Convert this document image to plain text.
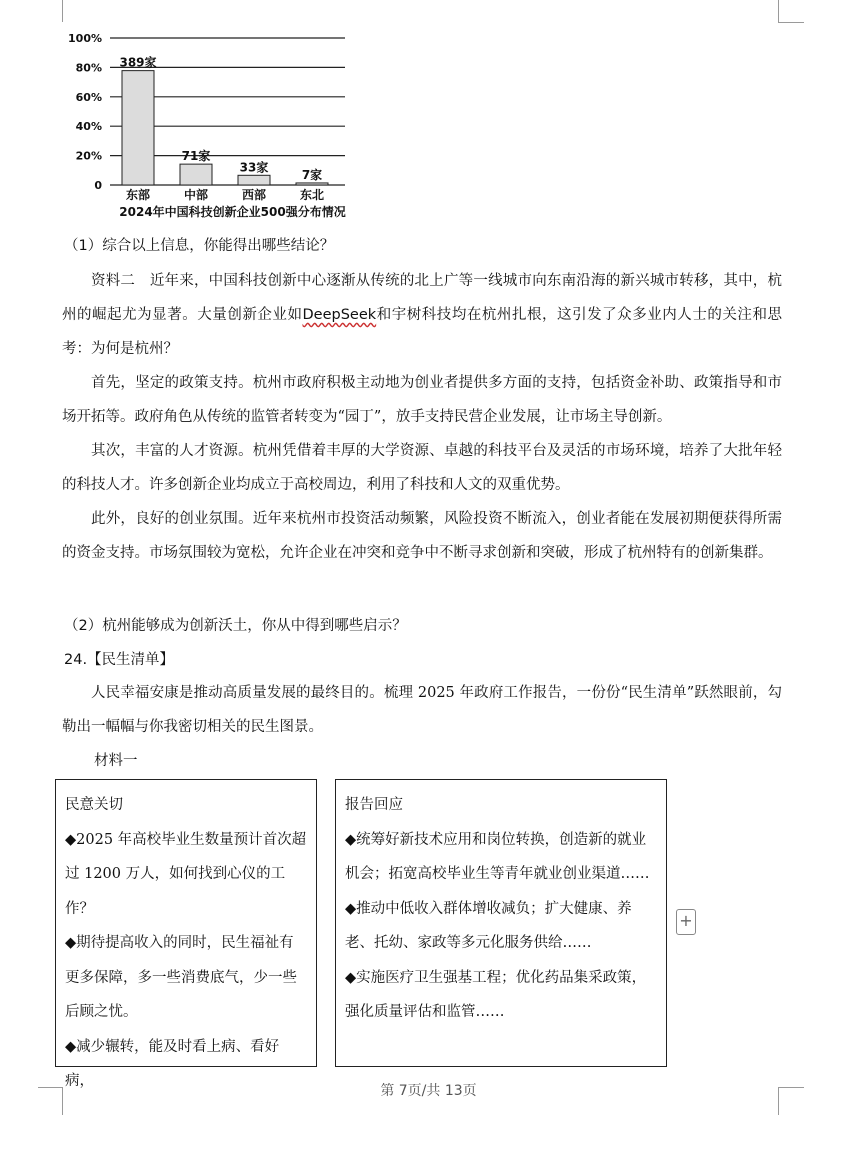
0
20%
40%
60%
80%
100%
389家
东部
71家
中部
33家
西部
7家
东北
2024年中国科技创新企业500强分布情况
（1）综合以上信息，你能得出哪些结论？
资料二　近年来，中国科技创新中心逐渐从传统的北上广等一线城市向东南沿海的新兴城市转移，其中，杭州的崛起尤为显著。大量创新企业如DeepSeek和宇树科技均在杭州扎根，这引发了众多业内人士的关注和思考：为何是杭州？
首先，坚定的政策支持。杭州市政府积极主动地为创业者提供多方面的支持，包括资金补助、政策指导和市场开拓等。政府角色从传统的监管者转变为“园丁”，放手支持民营企业发展，让市场主导创新。
其次，丰富的人才资源。杭州凭借着丰厚的大学资源、卓越的科技平台及灵活的市场环境，培养了大批年轻的科技人才。许多创新企业均成立于高校周边，利用了科技和人文的双重优势。
此外，良好的创业氛围。近年来杭州市投资活动频繁，风险投资不断流入，创业者能在发展初期便获得所需的资金支持。市场氛围较为宽松，允许企业在冲突和竞争中不断寻求创新和突破，形成了杭州特有的创新集群。
（2）杭州能够成为创新沃土，你从中得到哪些启示？
24.【民生清单】
人民幸福安康是推动高质量发展的最终目的。梳理 2025 年政府工作报告，一份份“民生清单”跃然眼前，勾勒出一幅幅与你我密切相关的民生图景。
材料一

民意关切

◆2025 年高校毕业生数量预计首次超过 1200 万人，如何找到心仪的工作？

◆期待提高收入的同时，民生福祉有更多保障，多一些消费底气，少一些后顾之忧。

◆减少辗转，能及时看上病、看好病，

报告回应

◆统筹好新技术应用和岗位转换，创造新的就业机会；拓宽高校毕业生等青年就业创业渠道……

◆推动中低收入群体增收减负；扩大健康、养老、托幼、家政等多元化服务供给……

◆实施医疗卫生强基工程；优化药品集采政策，强化质量评估和监管……

+
第 7页/共 13页
